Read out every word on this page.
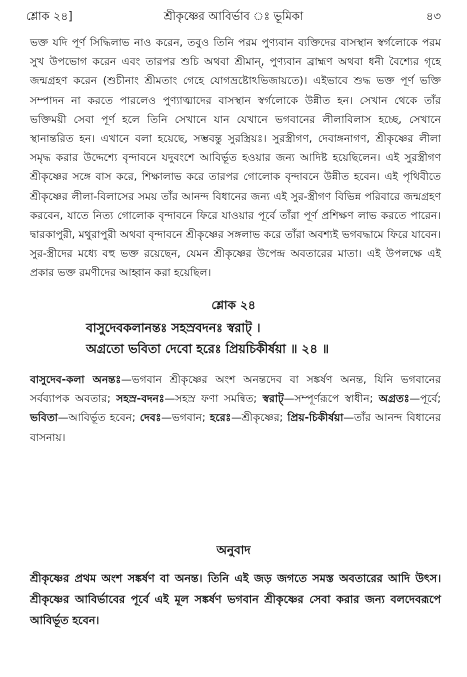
শ্লোক ২৪]	শ্রীকৃষ্ণের আবির্ভাব ঃ ভূমিকা	৪৩

ভক্ত যদি পূর্ণ সিদ্ধিলাভ নাও করেন, তবুও তিনি পরম পুণ্যবান ব্যক্তিদের বাসস্থান স্বর্গলোকে পরম সুখ উপভোগ করেন এবং তারপর শুচি অথবা শ্রীমান্, পুণ্যবান ব্রাহ্মণ অথবা ধনী বৈশ্যের গৃহে জন্মগ্রহণ করেন (শুচীনাং শ্রীমতাং গেহে যোগভ্রষ্টোঽভিজায়তে)। এইভাবে শুদ্ধ ভক্ত পূর্ণ ভক্তি সম্পাদন না করতে পারলেও পুণ্যাত্মাদের বাসস্থান স্বর্গলোকে উন্নীত হন। সেখান থেকে তাঁর ভক্তিময়ী সেবা পূর্ণ হলে তিনি সেখানে যান যেখানে ভগবানের লীলাবিলাস হচ্ছে, সেখানে স্থানান্তরিত হন। এখানে বলা হয়েছে, সম্ভবন্তু সুরস্ত্রিয়ঃ। সুরস্ত্রীগণ, দেবাঙ্গনাগণ, শ্রীকৃষ্ণের লীলা সমৃদ্ধ করার উদ্দেশ্যে বৃন্দাবনে যদুবংশে আবির্ভূত হওয়ার জন্য আদিষ্ট হয়েছিলেন। এই সুরস্ত্রীগণ শ্রীকৃষ্ণের সঙ্গে বাস করে, শিক্ষালাভ করে তারপর গোলোক বৃন্দাবনে উন্নীত হবেন। এই পৃথিবীতে শ্রীকৃষ্ণের লীলা-বিলাসের সময় তাঁর আনন্দ বিধানের জন্য এই সুর-স্ত্রীগণ বিভিন্ন পরিবারে জন্মগ্রহণ করবেন, যাতে নিত্য গোলোক বৃন্দাবনে ফিরে যাওয়ার পূর্বে তাঁরা পূর্ণ প্রশিক্ষণ লাভ করতে পারেন। দ্বারকাপুরী, মথুরাপুরী অথবা বৃন্দাবনে শ্রীকৃষ্ণের সঙ্গলাভ করে তাঁরা অবশ্যই ভগবদ্ধামে ফিরে যাবেন। সুর-স্ত্রীদের মধ্যে বহু ভক্ত রয়েছেন, যেমন শ্রীকৃষ্ণের উপেন্দ্র অবতারের মাতা। এই উপলক্ষে এই প্রকার ভক্ত রমণীদের আহ্বান করা হয়েছিল।

শ্লোক ২৪
বাসুদেবকলানন্তঃ সহস্রবদনঃ স্বরাট্ ।
অগ্রতো ভবিতা দেবো হরেঃ প্রিয়চিকীর্ষয়া ॥ ২৪ ॥

বাসুদেব-কলা অনন্তঃ—ভগবান শ্রীকৃষ্ণের অংশ অনন্তদেব বা সঙ্কর্ষণ অনন্ত, যিনি ভগবানের সর্বব্যাপক অবতার; সহস্র-বদনঃ—সহস্র ফণা সমন্বিত; স্বরাট্—সম্পূর্ণরূপে স্বাধীন; অগ্রতঃ—পূর্বে; ভবিতা—আবির্ভূত হবেন; দেবঃ—ভগবান; হরেঃ—শ্রীকৃষ্ণের; প্রিয়-চিকীর্ষয়া—তাঁর আনন্দ বিধানের বাসনায়।

অনুবাদ

শ্রীকৃষ্ণের প্রথম অংশ সঙ্কর্ষণ বা অনন্ত। তিনি এই জড় জগতে সমস্ত অবতারের আদি উৎস। শ্রীকৃষ্ণের আবির্ভাবের পূর্বে এই মূল সঙ্কর্ষণ ভগবান শ্রীকৃষ্ণের সেবা করার জন্য বলদেবরূপে আবির্ভূত হবেন।
